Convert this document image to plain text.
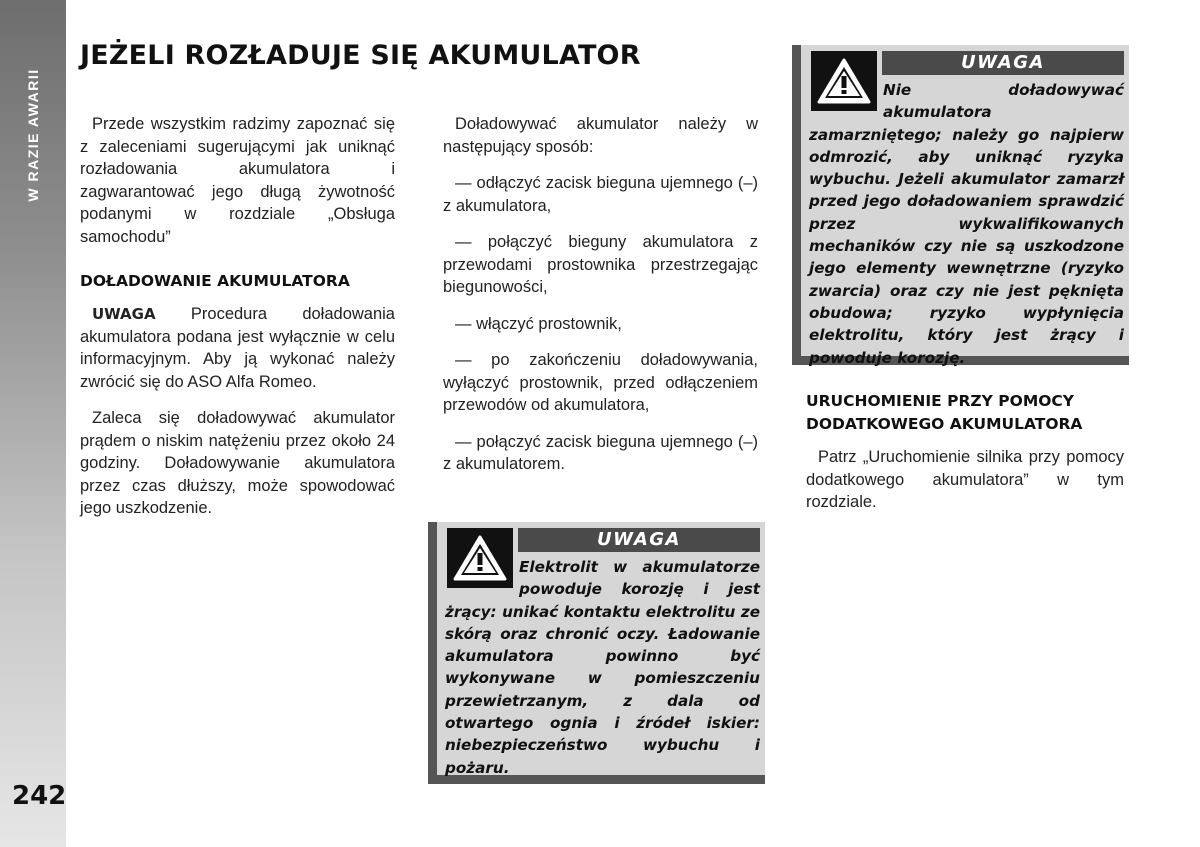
W RAZIE AWARII
242
JEŻELI ROZŁADUJE SIĘ AKUMULATOR

Przede wszystkim radzimy zapoznać się z zaleceniami sugerującymi jak uniknąć rozładowania akumulatora i zagwarantować jego długą żywotność podanymi w rozdziale „Obsługa samochodu”

DOŁADOWANIE AKUMULATORA

UWAGA Procedura doładowania akumulatora podana jest wyłącznie w celu informacyjnym. Aby ją wykonać należy zwrócić się do ASO Alfa Romeo.

Zaleca się doładowywać akumulator prądem o niskim natężeniu przez około 24 godziny. Doładowywanie akumulatora przez czas dłuższy, może spowodować jego uszkodzenie.

Doładowywać akumulator należy w następujący sposób:

— odłączyć zacisk bieguna ujemnego (–) z akumulatora,

— połączyć bieguny akumulatora z przewodami prostownika przestrzegając biegunowości,

— włączyć prostownik,

— po zakończeniu doładowywania, wyłączyć prostownik, przed odłączeniem przewodów od akumulatora,

— połączyć zacisk bieguna ujemnego (–) z akumulatorem.

UWAGA
Nie doładowywać akumulatora zamarzniętego; należy go najpierw odmrozić, aby uniknąć ryzyka wybuchu. Jeżeli akumulator zamarzł przed jego doładowaniem sprawdzić przez wykwalifikowanych mechaników czy nie są uszkodzone jego elementy wewnętrzne (ryzyko zwarcia) oraz czy nie jest pęknięta obudowa; ryzyko wypłynięcia elektrolitu, który jest żrący i powoduje korozję.
UWAGA
Elektrolit w akumulatorze powoduje korozję i jest żrący: unikać kontaktu elektrolitu ze skórą oraz chronić oczy. Ładowanie akumulatora powinno być wykonywane w pomieszczeniu przewietrzanym, z dala od otwartego ognia i źródeł iskier: niebezpieczeństwo wybuchu i pożaru.
URUCHOMIENIE PRZY POMOCY DODATKOWEGO AKUMULATORA

Patrz „Uruchomienie silnika przy pomocy dodatkowego akumulatora” w tym rozdziale.
